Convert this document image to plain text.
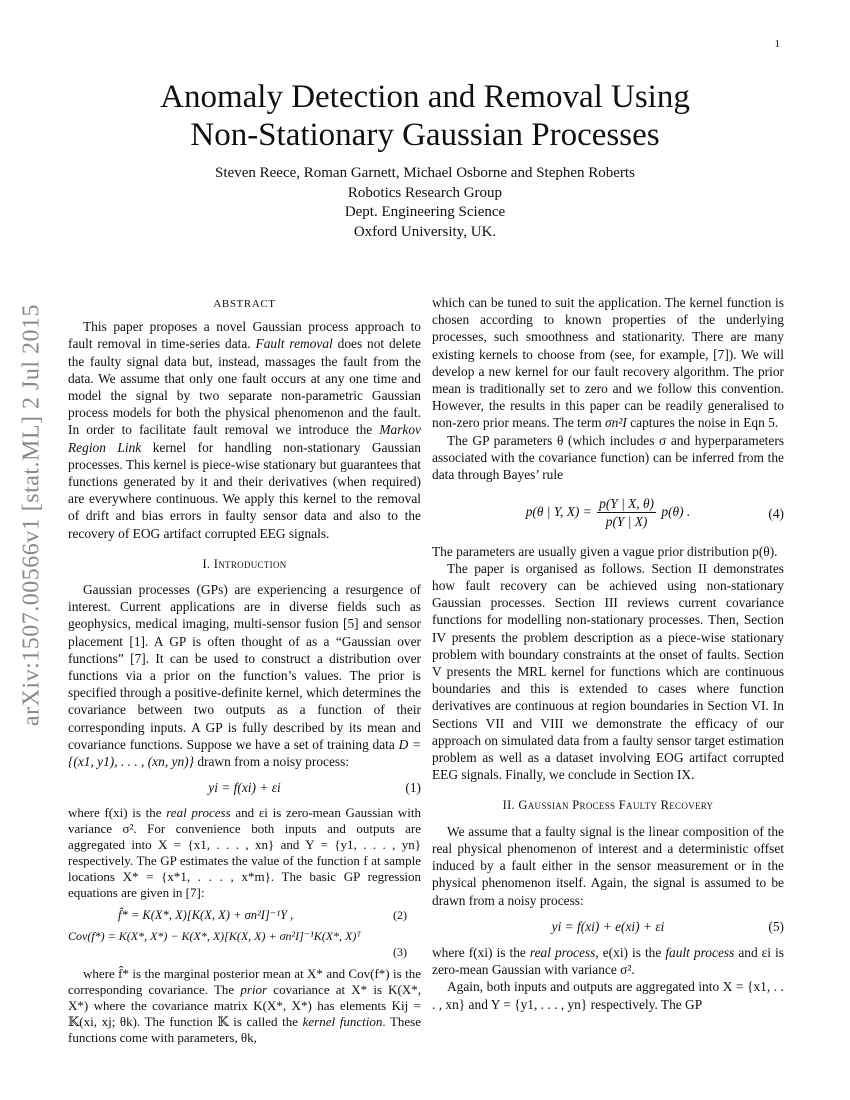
1
arXiv:1507.00566v1 [stat.ML] 2 Jul 2015
Anomaly Detection and Removal Using
Non-Stationary Gaussian Processes
Steven Reece, Roman Garnett, Michael Osborne and Stephen Roberts
Robotics Research Group
Dept. Engineering Science
Oxford University, UK.

ABSTRACT

This paper proposes a novel Gaussian process approach to fault removal in time-series data. Fault removal does not delete the faulty signal data but, instead, massages the fault from the data. We assume that only one fault occurs at any one time and model the signal by two separate non-parametric Gaussian process models for both the physical phenomenon and the fault. In order to facilitate fault removal we introduce the Markov Region Link kernel for handling non-stationary Gaussian processes. This kernel is piece-wise stationary but guarantees that functions generated by it and their derivatives (when required) are everywhere continuous. We apply this kernel to the removal of drift and bias errors in faulty sensor data and also to the recovery of EOG artifact corrupted EEG signals.

I. Introduction

Gaussian processes (GPs) are experiencing a resurgence of interest. Current applications are in diverse fields such as geophysics, medical imaging, multi-sensor fusion [5] and sensor placement [1]. A GP is often thought of as a “Gaussian over functions” [7]. It can be used to construct a distribution over functions via a prior on the function’s values. The prior is specified through a positive-definite kernel, which determines the covariance between two outputs as a function of their corresponding inputs. A GP is fully described by its mean and covariance functions. Suppose we have a set of training data D = {(x1, y1), . . . , (xn, yn)} drawn from a noisy process:

yi = f(xi) + εi	(1)

where f(xi) is the real process and εi is zero-mean Gaussian with variance σ². For convenience both inputs and outputs are aggregated into X = {x1, . . . , xn} and Y = {y1, . . . , yn} respectively. The GP estimates the value of the function f at sample locations X* = {x*1, . . . , x*m}. The basic GP regression equations are given in [7]:

f̂* = K(X*, X)[K(X, X) + σn²I]⁻¹Y ,	(2)
Cov(f*) = K(X*, X*) − K(X*, X)[K(X, X) + σn²I]⁻¹K(X*, X)ᵀ
(3)

where f̂* is the marginal posterior mean at X* and Cov(f*) is the corresponding covariance. The prior covariance at X* is K(X*, X*) where the covariance matrix K(X*, X*) has elements Kij = 𝕂(xi, xj; θk). The function 𝕂 is called the kernel function. These functions come with parameters, θk,

which can be tuned to suit the application. The kernel function is chosen according to known properties of the underlying processes, such smoothness and stationarity. There are many existing kernels to choose from (see, for example, [7]). We will develop a new kernel for our fault recovery algorithm. The prior mean is traditionally set to zero and we follow this convention. However, the results in this paper can be readily generalised to non-zero prior means. The term σn²I captures the noise in Eqn 5.

The GP parameters θ (which includes σ and hyperparameters associated with the covariance function) can be inferred from the data through Bayes’ rule

p(θ | Y, $X) = \frac{p(Y | X, \theta)}{p(Y | X)} p(\theta)$ .	(4)

The parameters are usually given a vague prior distribution p(θ).

The paper is organised as follows. Section II demonstrates how fault recovery can be achieved using non-stationary Gaussian processes. Section III reviews current covariance functions for modelling non-stationary processes. Then, Section IV presents the problem description as a piece-wise stationary problem with boundary constraints at the onset of faults. Section V presents the MRL kernel for functions which are continuous boundaries and this is extended to cases where function derivatives are continuous at region boundaries in Section VI. In Sections VII and VIII we demonstrate the efficacy of our approach on simulated data from a faulty sensor target estimation problem as well as a dataset involving EOG artifact corrupted EEG signals. Finally, we conclude in Section IX.

II. Gaussian Process Faulty Recovery

We assume that a faulty signal is the linear composition of the real physical phenomenon of interest and a deterministic offset induced by a fault either in the sensor measurement or in the physical phenomenon itself. Again, the signal is assumed to be drawn from a noisy process:

yi = f(xi) + e(xi) + εi	(5)

where f(xi) is the real process, e(xi) is the fault process and εi is zero-mean Gaussian with variance σ².

Again, both inputs and outputs are aggregated into X = {x1, . . . , xn} and Y = {y1, . . . , yn} respectively. The GP
